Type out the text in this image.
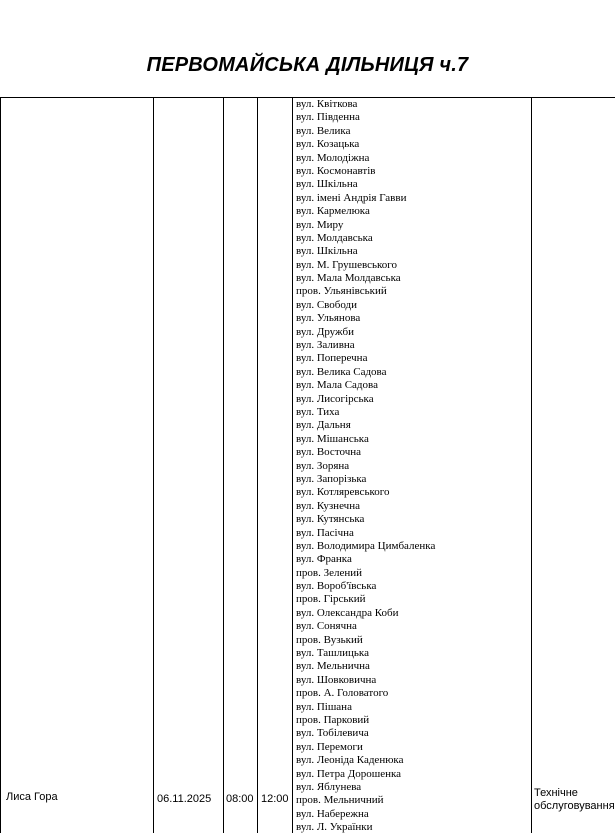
ПЕРВОМАЙСЬКА ДІЛЬНИЦЯ ч.7
Лиса Гора	06.11.2025 08:00 12:00	Технічне обслуговування
вул. Квіткова
вул. Південна
вул. Велика
вул. Козацька
вул. Молодіжна
вул. Космонавтів
вул. Шкільна
вул. імені Андрія Гавви
вул. Кармелюка
вул. Миру
вул. Молдавська
вул. Шкільна
вул. М. Грушевського
вул. Мала Молдавська
пров. Ульянівський
вул. Свободи
вул. Ульянова
вул. Дружби
вул. Заливна
вул. Поперечна
вул. Велика Садова
вул. Мала Садова
вул. Лисогірська
вул. Тиха
вул. Дальня
вул. Мішанська
вул. Восточна
вул. Зоряна
вул. Запорізька
вул. Котляревського
вул. Кузнечна
вул. Кутянська
вул. Пасічна
вул. Володимира Цимбаленка
вул. Франка
пров. Зелений
вул. Вороб'ївська
пров. Гірський
вул. Олександра Коби
вул. Сонячна
пров. Вузький
вул. Ташлицька
вул. Мельнична
вул. Шовковична
пров. А. Головатого
вул. Пішана
пров. Парковий
вул. Тобілевича
вул. Перемоги
вул. Леоніда Каденюка
вул. Петра Дорошенка
вул. Яблунева
пров. Мельничний
вул. Набережна
вул. Л. Українки
